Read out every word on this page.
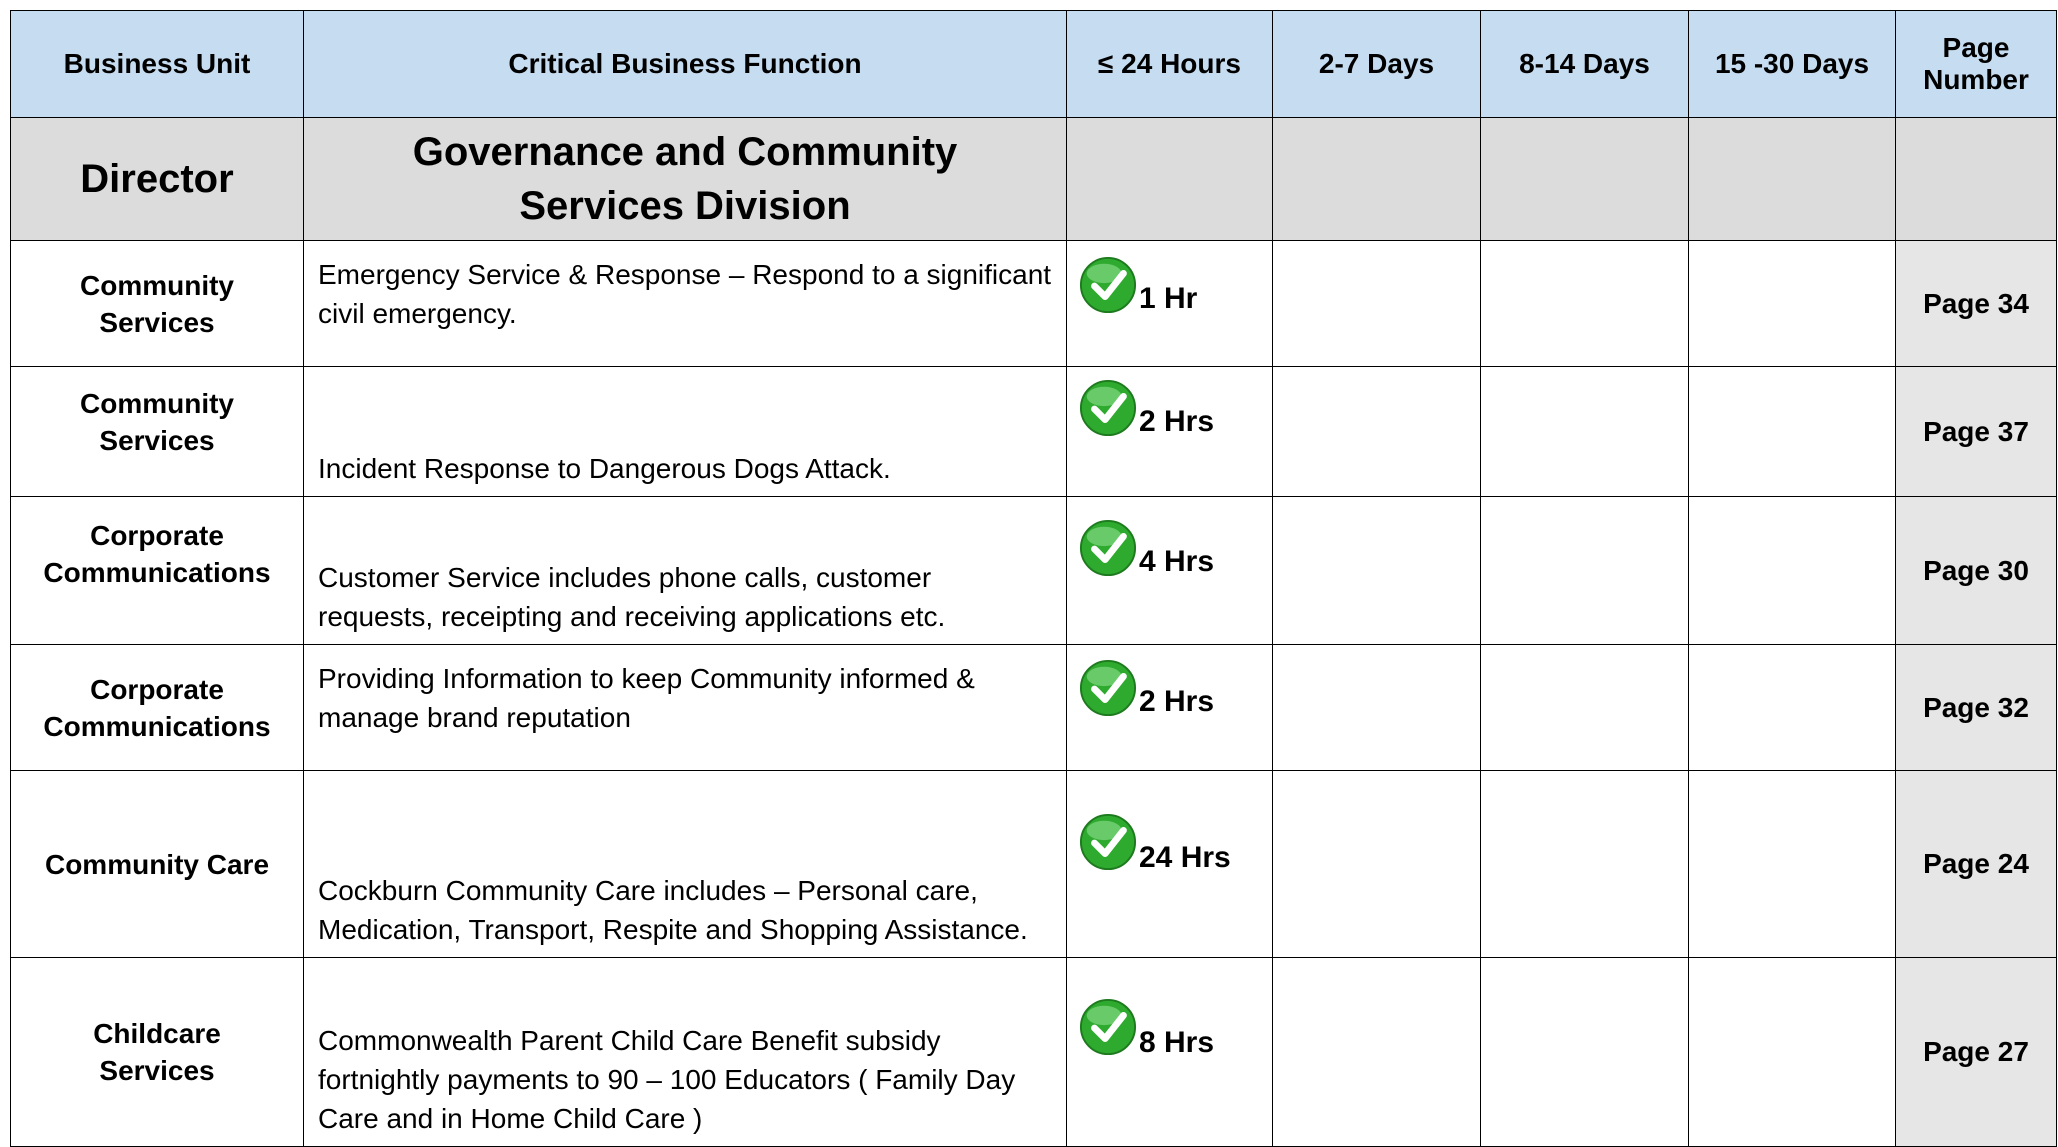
Business Unit	Critical Business Function	≤ 24 Hours	2-7 Days	8-14 Days	15 -30 Days	Page
Number

Director	Governance and Community
Services Division					

Community
Services	Emergency Service & Response – Respond to a significant civil emergency.	1 Hr				Page 34

Community
Services	Incident Response to Dangerous Dogs Attack.	2 Hrs				Page 37

Corporate
Communications	Customer Service includes phone calls, customer requests, receipting and receiving applications etc.	4 Hrs				Page 30

Corporate
Communications	Providing Information to keep Community informed & manage brand reputation	2 Hrs				Page 32

Community Care	Cockburn Community Care includes – Personal care, Medication, Transport, Respite and Shopping Assistance.	24 Hrs				Page 24

Childcare
Services	Commonwealth Parent Child Care Benefit subsidy fortnightly payments to 90 – 100 Educators ( Family Day Care and in Home Child Care )	8 Hrs				Page 27
